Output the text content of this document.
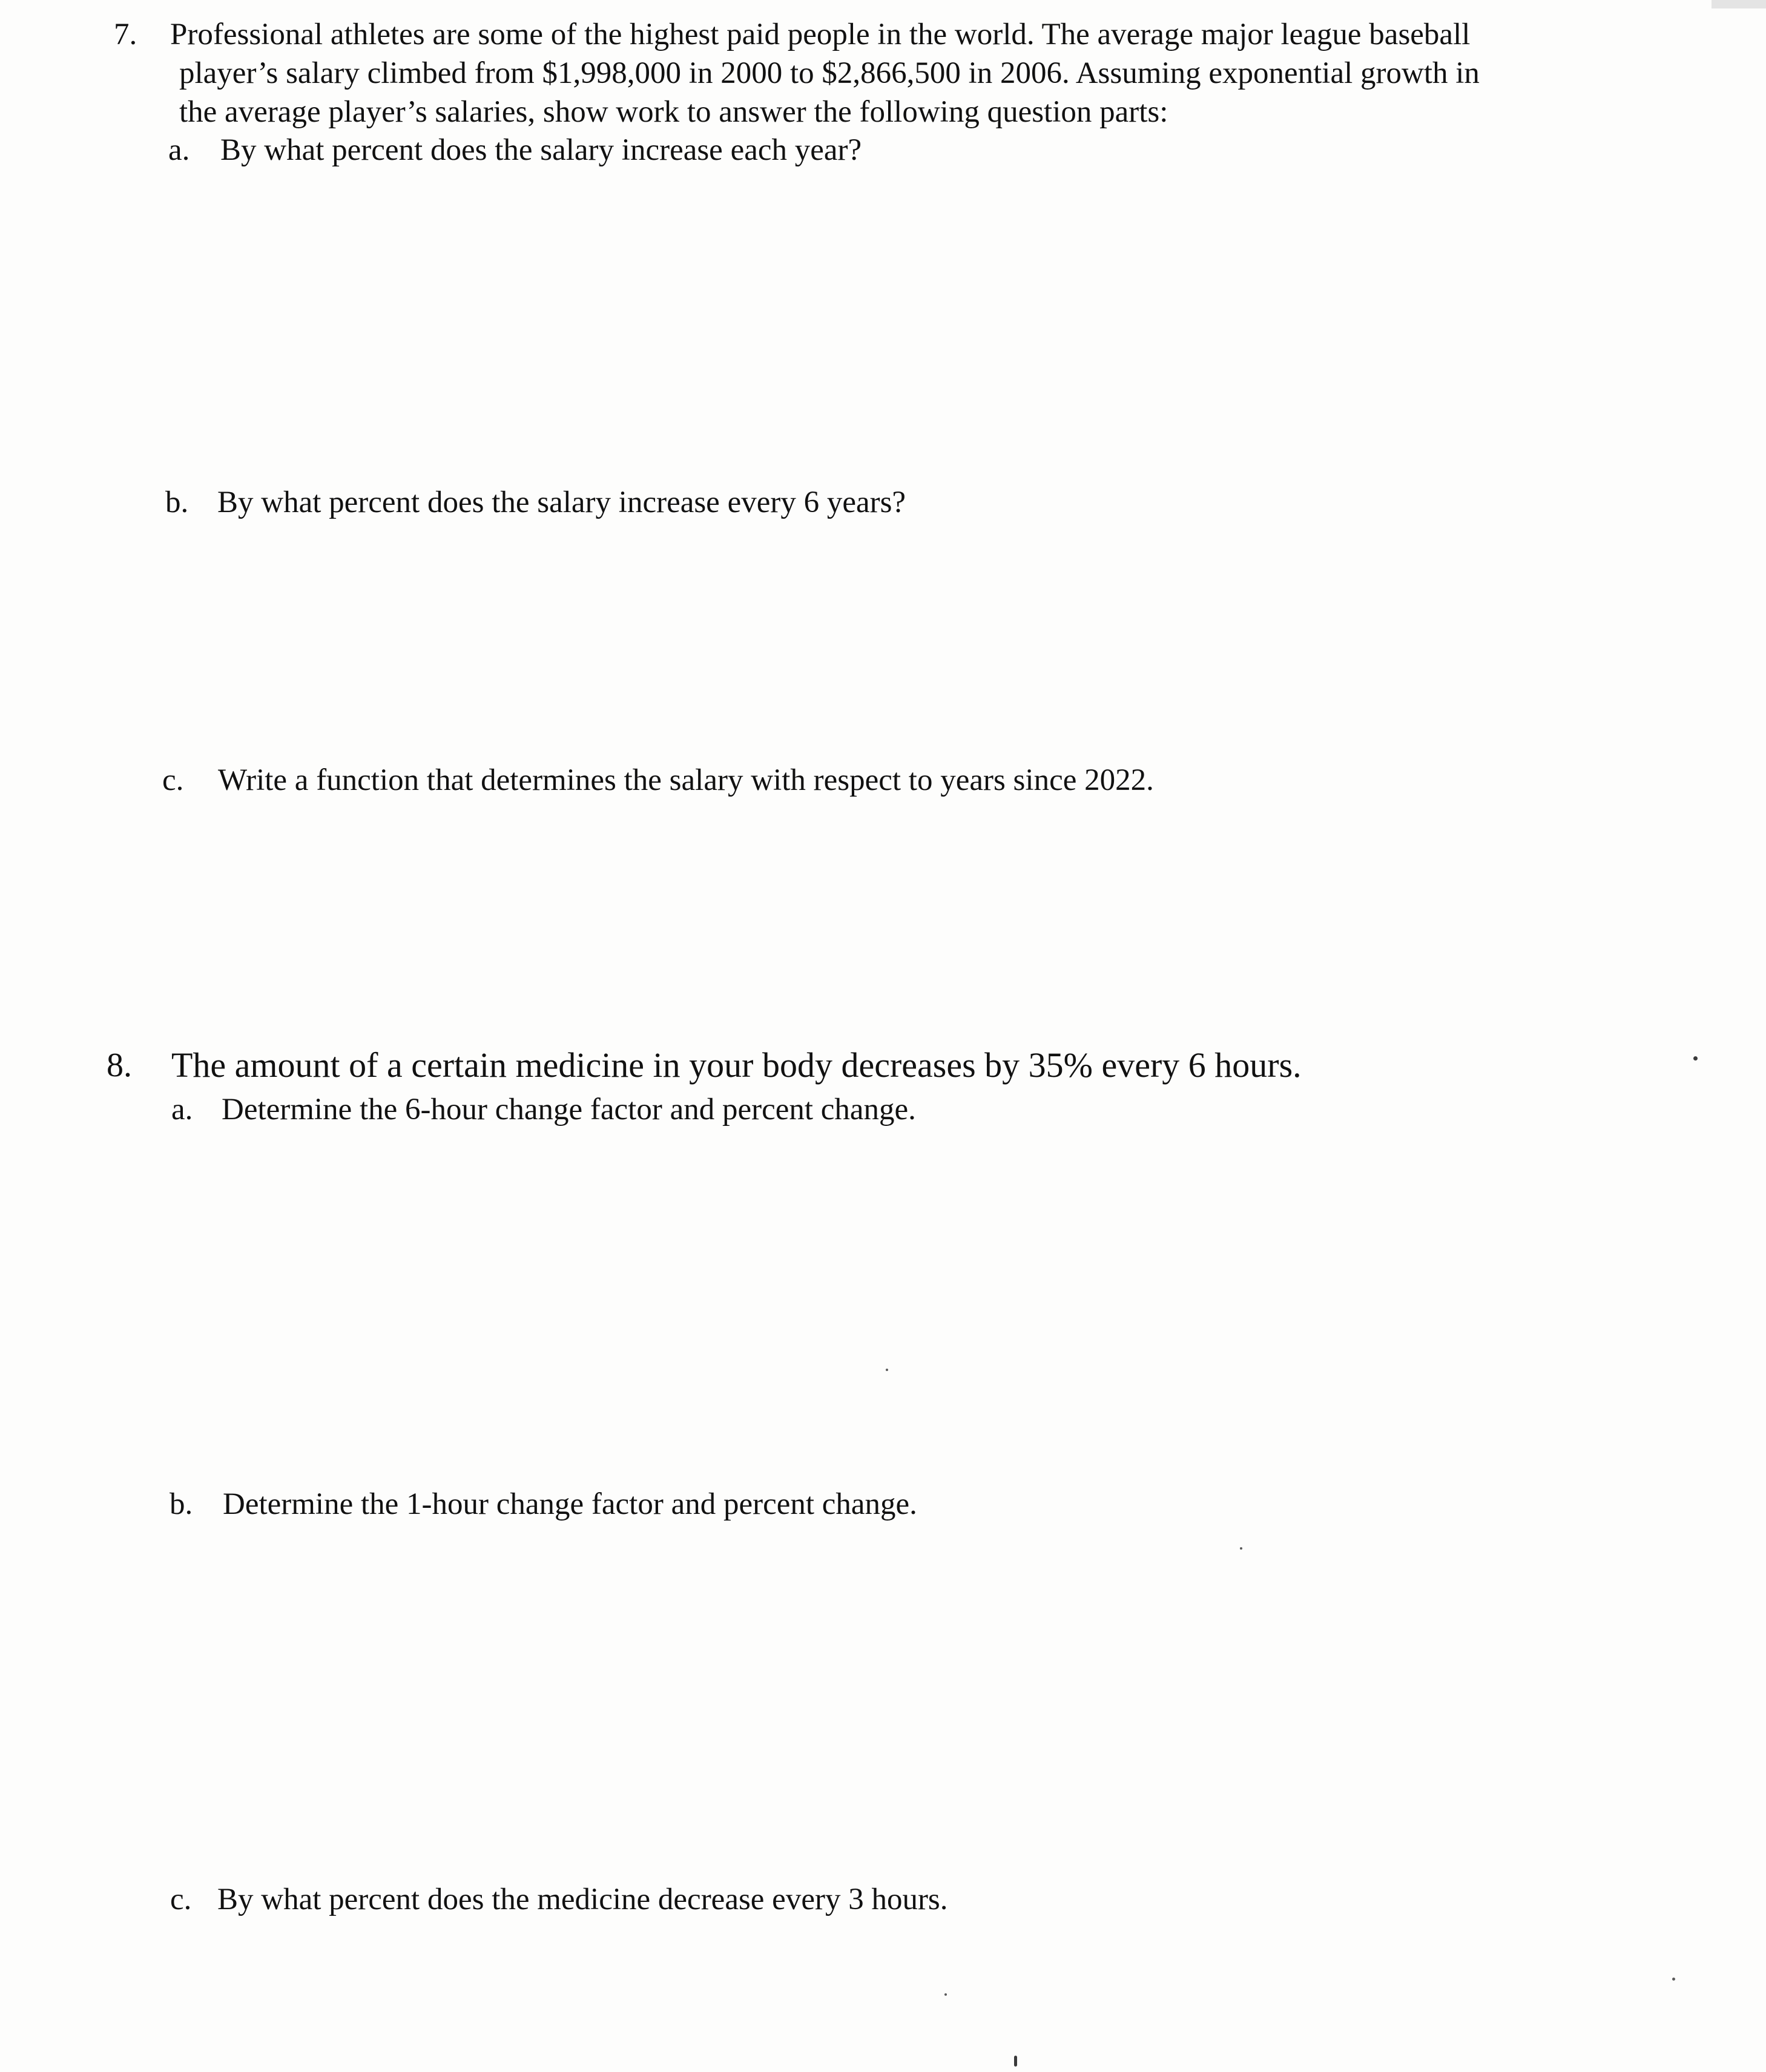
7. Professional athletes are some of the highest paid people in the world. The average major league baseball
player’s salary climbed from $1,998,000 in 2000 to $2,866,500 in 2006. Assuming exponential growth in
the average player’s salaries, show work to answer the following question parts:
a. By what percent does the salary increase each year?
b. By what percent does the salary increase every 6 years?
c. Write a function that determines the salary with respect to years since 2022.
8. The amount of a certain medicine in your body decreases by 35% every 6 hours.
a. Determine the 6-hour change factor and percent change.
b. Determine the 1-hour change factor and percent change.
c. By what percent does the medicine decrease every 3 hours.
